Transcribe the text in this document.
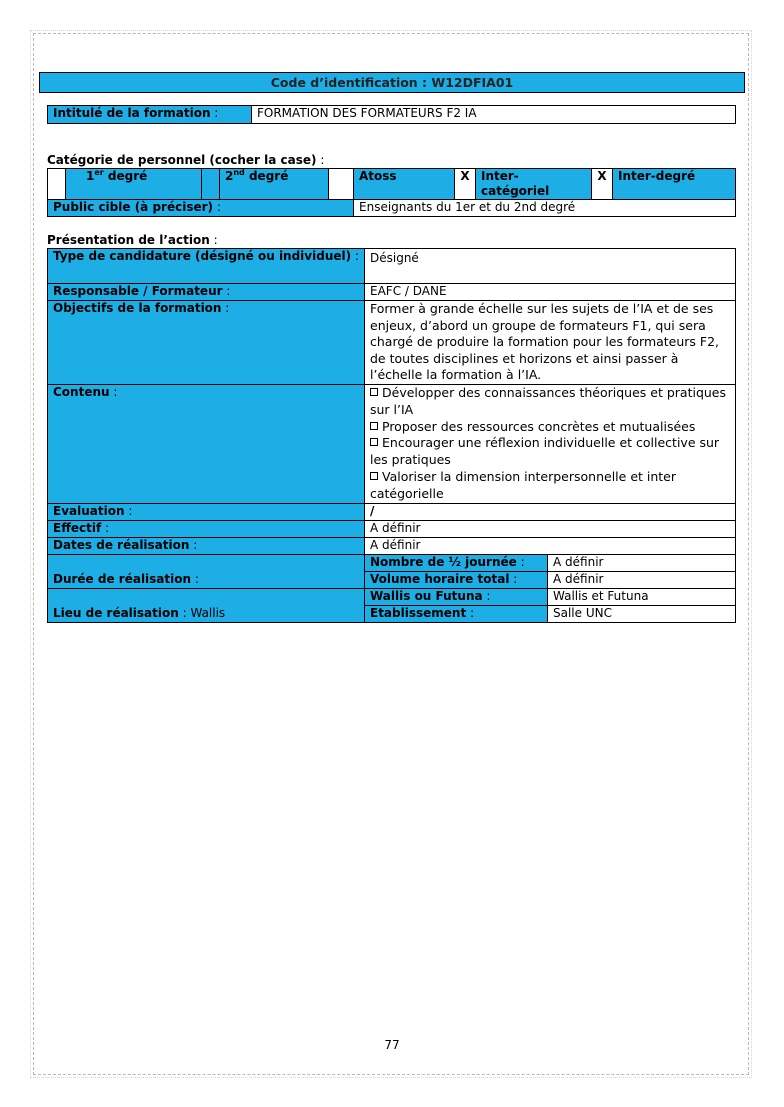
Code d’identification :
W12DFIA01
Intitulé de la formation :	FORMATION DES FORMATEURS F2 IA
Catégorie de personnel (cocher la case) :
	1er degré		2nd degré		Atoss	X	Inter-catégoriel	X	Inter-degré
Public cible (à préciser) :					Enseignants du 1er et du 2nd degré				
Présentation de l’action :
Type de candidature (désigné ou individuel) :	Désigné	
Responsable / Formateur :	EAFC / DANE	
Objectifs de la formation :	Former à grande échelle sur les sujets de l’IA et de ses enjeux, d’abord un groupe de formateurs F1, qui sera chargé de produire la formation pour les formateurs F2, de toutes disciplines et horizons et ainsi passer à l’échelle la formation à l’IA.	
Contenu :	Développer des connaissances théoriques et pratiques sur l’IA
Proposer des ressources concrètes et mutualisées
Encourager une réflexion individuelle et collective sur les pratiques
Valoriser la dimension interpersonnelle et inter catégorielle	

Evaluation :	/	
Effectif :	A définir	
Dates de réalisation :	A définir	
Durée de réalisation :	Nombre de ½ journée :	A définir
	Volume horaire total :	A définir
Lieu de réalisation : Wallis	Wallis ou Futuna :	Wallis et Futuna
	Etablissement :	Salle UNC
77
